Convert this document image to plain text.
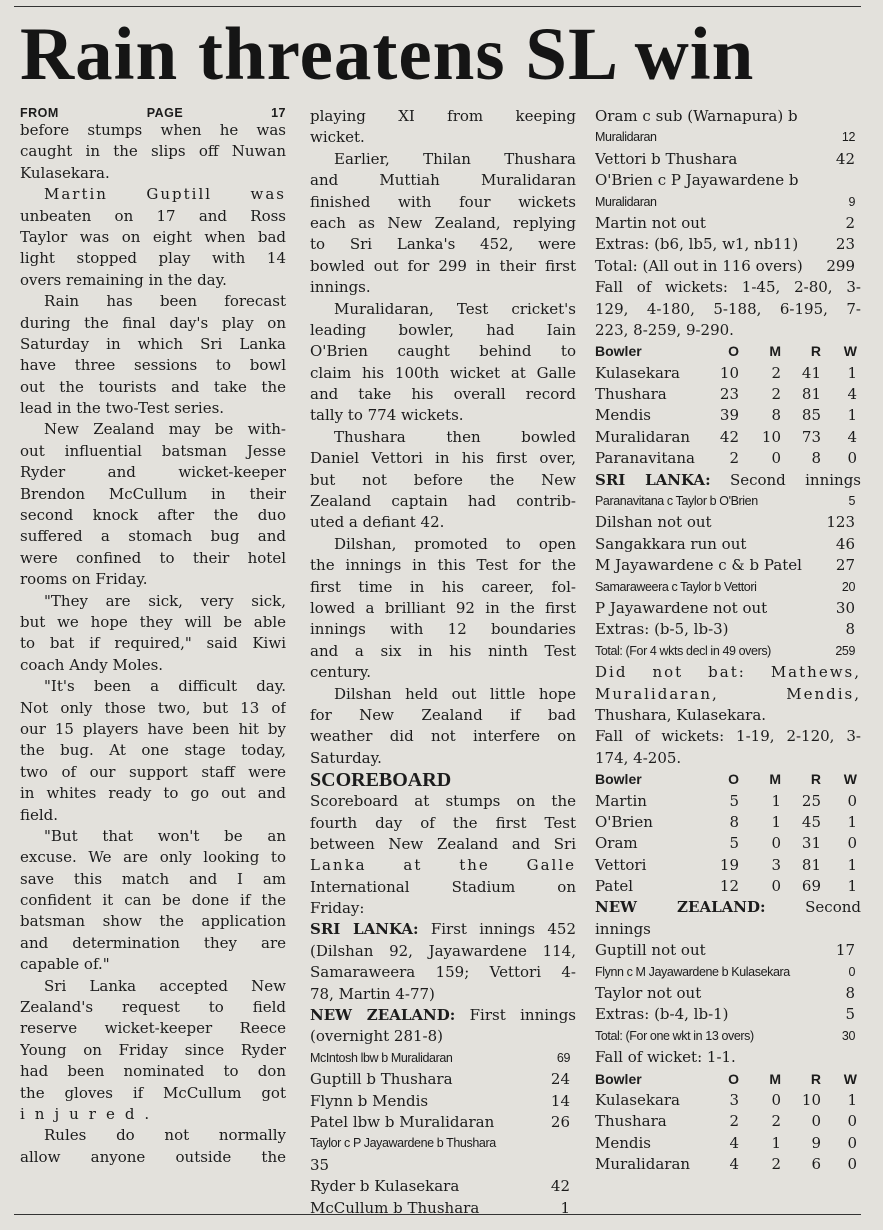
Rain threatens SL win
FROM PAGE 17
before stumps when he was
caught in the slips off Nuwan
Kulasekara.
Martin Guptill was
unbeaten on 17 and Ross
Taylor was on eight when bad
light stopped play with 14
overs remaining in the day.
Rain has been forecast
during the final day's play on
Saturday in which Sri Lanka
have three sessions to bowl
out the tourists and take the
lead in the two-Test series.
New Zealand may be with-
out influential batsman Jesse
Ryder and wicket-keeper
Brendon McCullum in their
second knock after the duo
suffered a stomach bug and
were confined to their hotel
rooms on Friday.
"They are sick, very sick,
but we hope they will be able
to bat if required," said Kiwi
coach Andy Moles.
"It's been a difficult day.
Not only those two, but 13 of
our 15 players have been hit by
the bug. At one stage today,
two of our support staff were
in whites ready to go out and
field.
"But that won't be an
excuse. We are only looking to
save this match and I am
confident it can be done if the
batsman show the application
and determination they are
capable of."
Sri Lanka accepted New
Zealand's request to field
reserve wicket-keeper Reece
Young on Friday since Ryder
had been nominated to don
the gloves if McCullum got
injured.
Rules do not normally
allow anyone outside the
playing XI from keeping
wicket.
Earlier, Thilan Thushara
and Muttiah Muralidaran
finished with four wickets
each as New Zealand, replying
to Sri Lanka's 452, were
bowled out for 299 in their first
innings.
Muralidaran, Test cricket's
leading bowler, had Iain
O'Brien caught behind to
claim his 100th wicket at Galle
and take his overall record
tally to 774 wickets.
Thushara then bowled
Daniel Vettori in his first over,
but not before the New
Zealand captain had contrib-
uted a defiant 42.
Dilshan, promoted to open
the innings in this Test for the
first time in his career, fol-
lowed a brilliant 92 in the first
innings with 12 boundaries
and a six in his ninth Test
century.
Dilshan held out little hope
for New Zealand if bad
weather did not interfere on
Saturday.
SCOREBOARD
Scoreboard at stumps on the
fourth day of the first Test
between New Zealand and Sri
Lanka at the Galle
International Stadium on
Friday:
SRI LANKA: First innings 452
(Dilshan 92, Jayawardene 114,
Samaraweera 159; Vettori 4-
78, Martin 4-77)
NEW ZEALAND: First innings
(overnight 281-8)
McIntosh lbw b Muralidaran	69
Guptill b Thushara	24
Flynn b Mendis	14
Patel lbw b Muralidaran	26
Taylor c P Jayawardene b Thushara
35
Ryder b Kulasekara	42
McCullum b Thushara	1
Oram c sub (Warnapura) b
Muralidaran	12
Vettori b Thushara	42
O'Brien c P Jayawardene b
Muralidaran	9
Martin not out	2
Extras: (b6, lb5, w1, nb11)	23
Total: (All out in 116 overs) 299
Fall of wickets: 1-45, 2-80, 3-
129, 4-180, 5-188, 6-195, 7-
223, 8-259, 9-290.
Bowler	O	M	R	W
Kulasekara	10	2	41	1
Thushara	23	2	81	4
Mendis	39	8	85	1
Muralidaran	42	10	73	4
Paranavitana	2	0	8	0
SRI LANKA: Second innings
Paranavitana c Taylor b O'Brien	5
Dilshan not out	123
Sangakkara run out	46
M Jayawardene c & b Patel 27
Samaraweera c Taylor b Vettori	20
P Jayawardene not out	30
Extras: (b-5, lb-3)	8
Total: (For 4 wkts decl in 49 overs)	259
Did not bat: Mathews,
Muralidaran, Mendis,
Thushara, Kulasekara.
Fall of wickets: 1-19, 2-120, 3-
174, 4-205.
Bowler	O	M	R	W
Martin	5	1	25	0
O'Brien	8	1	45	1
Oram	5	0	31	0
Vettori	19	3	81	1
Patel	12	0	69	1
NEW ZEALAND: Second
innings
Guptill not out	17
Flynn c M Jayawardene b Kulasekara	0
Taylor not out	8
Extras: (b-4, lb-1)	5
Total: (For one wkt in 13 overs)	30
Fall of wicket: 1-1.
Bowler	O	M	R	W
Kulasekara	3	0	10	1
Thushara	2	2	0	0
Mendis	4	1	9	0
Muralidaran	4	2	6	0
